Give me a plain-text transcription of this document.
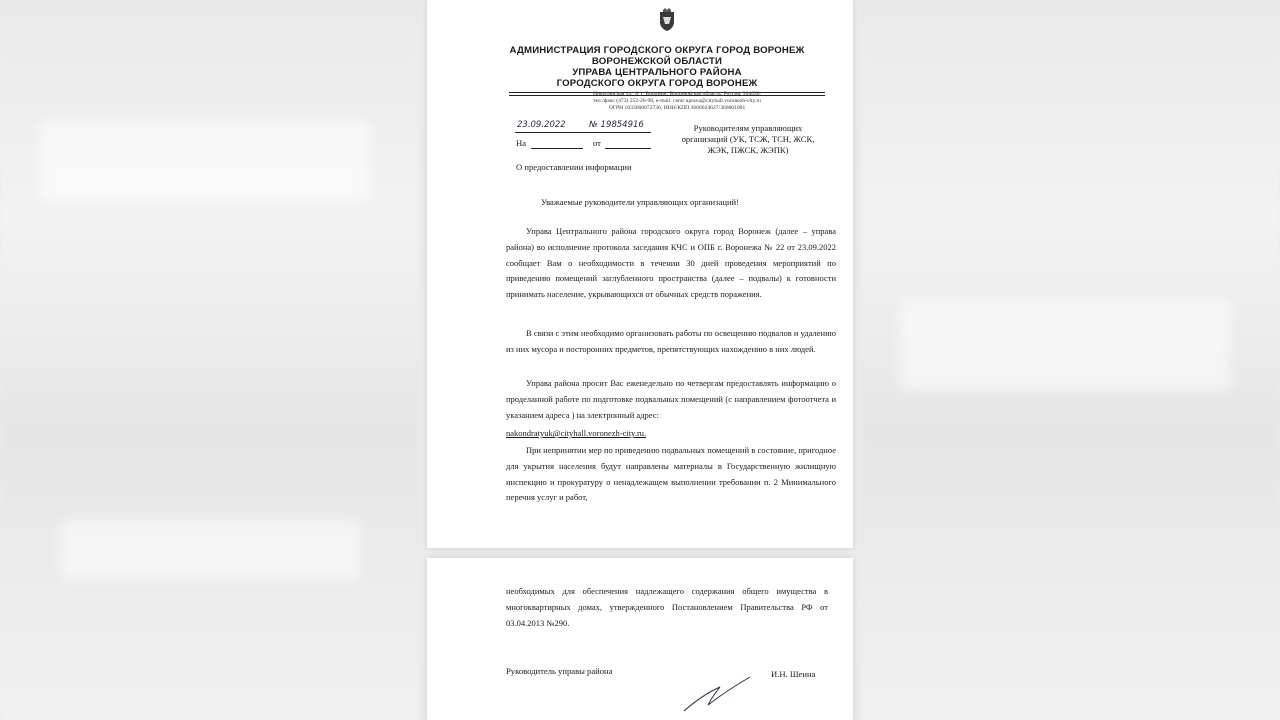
АДМИНИСТРАЦИЯ ГОРОДСКОГО ОКРУГА ГОРОД ВОРОНЕЖ
ВОРОНЕЖСКОЙ ОБЛАСТИ
УПРАВА ЦЕНТРАЛЬНОГО РАЙОНА
ГОРОДСКОГО ОКРУГА ГОРОД ВОРОНЕЖ
Никитинская ул., 8, г. Воронеж, Воронежская область, Россия, 394036,
тел./факс (473) 252-26-98, e-mail: centr uprava@cityhall.voronezh-city.ru
ОГРН 1033600072736, ИНН/КПП 3666024627/366601001
23.09.2022	№ 19854916
На	от
Руководителям управляющих организаций (УК, ТСЖ, ТСН, ЖСК, ЖЭК, ПЖСК, ЖЭПК)
О предоставлении информации
Уважаемые руководители управляющих организаций!
Управа Центрального района городского округа город Воронеж (далее – управа района) во исполнение протокола заседания КЧС и ОПБ г. Воронежа № 22 от 23.09.2022 сообщает Вам о необходимости в течении 30 дней проведения мероприятий по приведению помещений заглубленного пространства (далее – подвалы) к готовности принимать население, укрывающихся от обычных средств поражения.
В связи с этим необходимо организовать работы по освещению подвалов и удалению из них мусора и посторонних предметов, препятствующих нахождению в них людей.
Управа района просит Вас еженедельно по четвергам предоставлять информацию о проделанной работе по подготовке подвальных помещений (с направлением фотоотчета и указанием адреса ) на электронный адрес:
nakondratyuk@cityhall.voronezh-city.ru.
При непринятии мер по приведению подвальных помещений в состояние, пригодное для укрытия населения будут направлены материалы в Государственную жилищную инспекцию и прокуратуру о ненадлежащем выполнении требовании п. 2 Минимального перечня услуг и работ,
необходимых для обеспечения надлежащего содержания общего имущества в многоквартирных домах, утвержденного Постановлением Правительства РФ от 03.04.2013 №290.
Руководитель управы района	И.Н. Шеина
